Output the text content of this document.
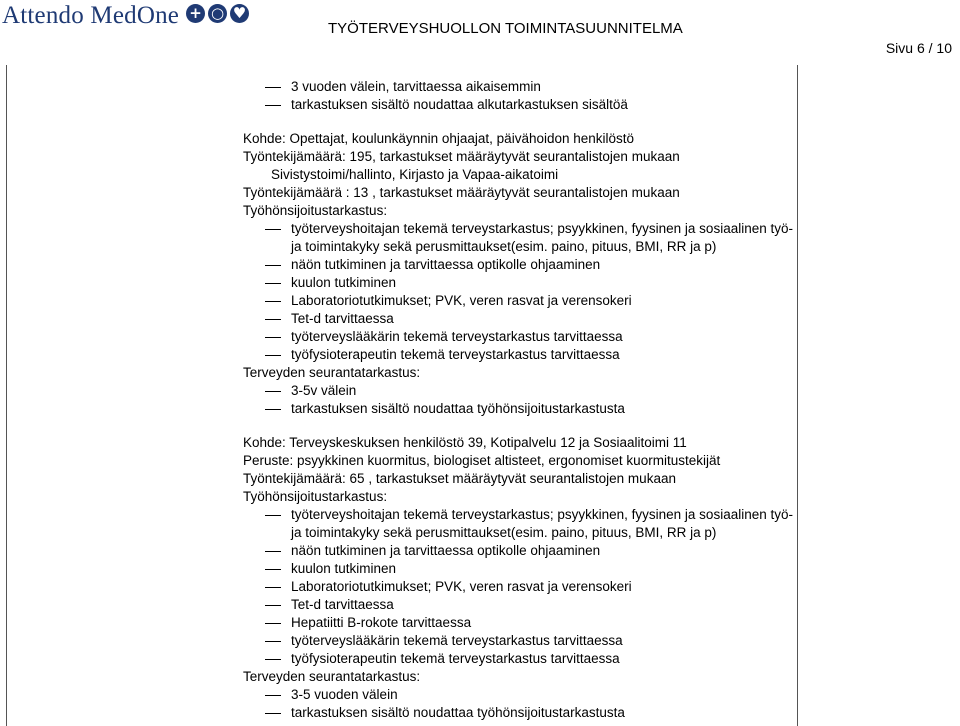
Attendo MedOne + ○ ♥
TYÖTERVEYSHUOLLON TOIMINTASUUNNITELMA
Sivu 6 / 10
3 vuoden välein, tarvittaessa aikaisemmin
tarkastuksen sisältö noudattaa alkutarkastuksen sisältöä
Kohde: Opettajat, koulunkäynnin ohjaajat, päivähoidon henkilöstö
Työntekijämäärä: 195, tarkastukset määräytyvät seurantalistojen mukaan
Sivistystoimi/hallinto, Kirjasto ja Vapaa-aikatoimi
Työntekijämäärä : 13 , tarkastukset määräytyvät seurantalistojen mukaan
Työhönsijoitustarkastus:
työterveyshoitajan tekemä terveystarkastus; psyykkinen, fyysinen ja sosiaalinen työ-
ja toimintakyky sekä perusmittaukset(esim. paino, pituus, BMI, RR ja p)
näön tutkiminen ja tarvittaessa optikolle ohjaaminen
kuulon tutkiminen
Laboratoriotutkimukset; PVK, veren rasvat ja verensokeri
Tet-d tarvittaessa
työterveyslääkärin tekemä terveystarkastus tarvittaessa
työfysioterapeutin tekemä terveystarkastus tarvittaessa
Terveyden seurantatarkastus:
3-5v välein
tarkastuksen sisältö noudattaa työhönsijoitustarkastusta
Kohde: Terveyskeskuksen henkilöstö 39, Kotipalvelu 12 ja Sosiaalitoimi 11
Peruste: psyykkinen kuormitus, biologiset altisteet, ergonomiset kuormitustekijät
Työntekijämäärä: 65 , tarkastukset määräytyvät seurantalistojen mukaan
Työhönsijoitustarkastus:
työterveyshoitajan tekemä terveystarkastus; psyykkinen, fyysinen ja sosiaalinen työ-
ja toimintakyky sekä perusmittaukset(esim. paino, pituus, BMI, RR ja p)
näön tutkiminen ja tarvittaessa optikolle ohjaaminen
kuulon tutkiminen
Laboratoriotutkimukset; PVK, veren rasvat ja verensokeri
Tet-d tarvittaessa
Hepatiitti B-rokote tarvittaessa
työterveyslääkärin tekemä terveystarkastus tarvittaessa
työfysioterapeutin tekemä terveystarkastus tarvittaessa
Terveyden seurantatarkastus:
3-5 vuoden välein
tarkastuksen sisältö noudattaa työhönsijoitustarkastusta
